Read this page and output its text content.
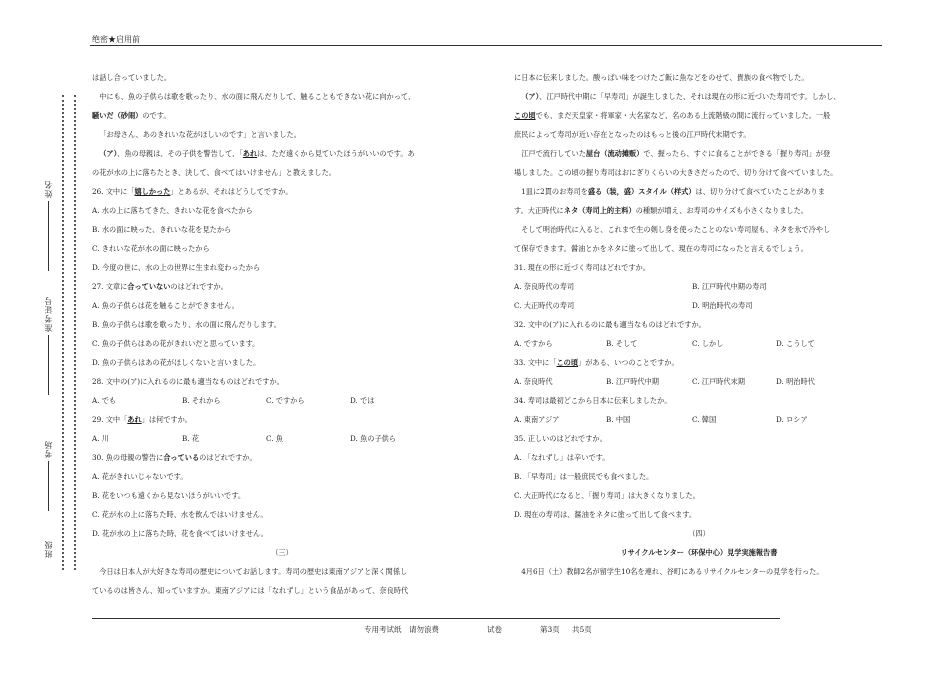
绝密★启用前
姓名
准考证号
考场
班级

は話し合っていました。

中にも、魚の子供らは歌を歌ったり、水の面に飛んだりして、触ることもできない花に向かって、

騒いだ（砂闹）のです。

「お母さん、あのきれいな花がほしいのです」と言いました。

（ア）、魚の母親は、その子供を警告して、「あれは、ただ遠くから見ていたほうがいいのです。あ

の花が水の上に落ちたとき、決して、食べてはいけません」と教えました。

26. 文中に「嬉しかった」とあるが、それはどうしてですか。

A. 水の上に落ちてきた、きれいな花を食べたから

B. 水の面に映った、きれいな花を見たから

C. きれいな花が水の面に映ったから

D. 今度の世に、水の上の世界に生まれ変わったから

27. 文章に合っていないのはどれですか。

A. 魚の子供らは花を触ることができません。

B. 魚の子供らは歌を歌ったり、水の面に飛んだりします。

C. 魚の子供らはあの花がきれいだと思っています。

D. 魚の子供らはあの花がほしくないと言いました。

28. 文中の(ア)に入れるのに最も適当なものはどれですか。

A. でも	B. それから	C. ですから	D. では

29. 文中「あれ」は何ですか。

A. 川	B. 花	C. 魚	D. 魚の子供ら

30. 魚の母親の警告に合っているのはどれですか。

A. 花がきれいじゃないです。

B. 花をいつも遠くから見ないほうがいいです。

C. 花が水の上に落ちた時、水を飲んではいけません。

D. 花が水の上に落ちた時、花を食べてはいけません。

（三）

今日は日本人が大好きな寿司の歴史についてお話します。寿司の歴史は東南アジアと深く関係し

ているのは皆さん、知っていますか。東南アジアには「なれずし」という食品があって、奈良時代

に日本に伝来しました。酸っぱい味をつけたご飯に魚などをのせて、貴族の食べ物でした。

（ア）、江戸時代中期に「早寿司」が誕生しました、それは現在の形に近づいた寿司です。しかし、

この頃でも、まだ天皇家・将軍家・大名家など、名のある上流階級の間に流行っていました。一般

庶民によって寿司が近い存在となったのはもっと後の江戸時代末期です。

江戸で流行していた屋台（流动摊贩）で、握ったら、すぐに食ることができる「握り寿司」が登

場しました。この頃の握り寿司はおにぎりくらいの大きさだったので、切り分けて食べていました。

1皿に2貫のお寿司を盛る（装，盛）スタイル（样式）は、切り分けて食べていたことがありま

す。大正時代にネタ（寿司上的主料）の種類が増え、お寿司のサイズも小さくなりました。

そして明治時代に入ると、これまで生の剣し身を使ったことのない寿司屋も、ネタを氷で冷やし

て保存できます。醤油とかをネタに塗って出して、現在の寿司になったと言えるでしょう。

31. 現在の形に近づく寿司はどれですか。

A. 奈良時代の寿司	B. 江戸時代中期の寿司

C. 大正時代の寿司	D. 明治時代の寿司

32. 文中の(ア)に入れるのに最も適当なものはどれですか。

A. ですから	B. そして	C. しかし	D. こうして

33. 文中に「この頃」がある、いつのことですか。

A. 奈良時代	B. 江戸時代中期	C. 江戸時代末期	D. 明治時代

34. 寿司は最初どこから日本に伝来しましたか。

A. 東南アジア	B. 中国	C. 韓国	D. ロシア

35. 正しいのはどれですか。

A. 「なれずし」は辛いです。

B. 「早寿司」は一般庶民でも食べました。

C. 大正時代になると、「握り寿司」は大きくなりました。

D. 現在の寿司は、醤油をネタに塗って出して食べます。

（四）

リサイクルセンター（环保中心）見学実施報告書

4月6日（土）教師2名が留学生10名を連れ、谷町にあるリサイクルセンターの見学を行った。

专用考试纸　请勿浪费	试卷	第3页 共5页
